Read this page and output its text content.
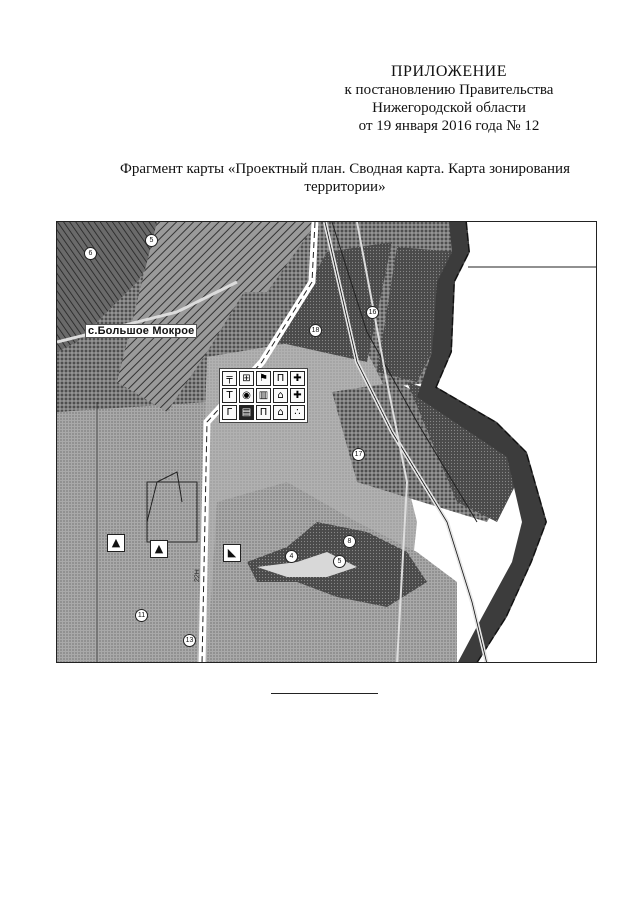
ПРИЛОЖЕНИЕ
к постановлению Правительства
Нижегородской области
от 19 января 2016 года № 12
Фрагмент карты «Проектный план. Сводная карта. Карта зонирования
территории»
с.Большое Мокрое
╤ ⊞ ⚑ П ✚
T ◉ ▥ ⌂ ✚
Г ▤ П	⌂	∴
▲	▲	◣
18
16
17
8
4
5
11
13
6
5
22Н
